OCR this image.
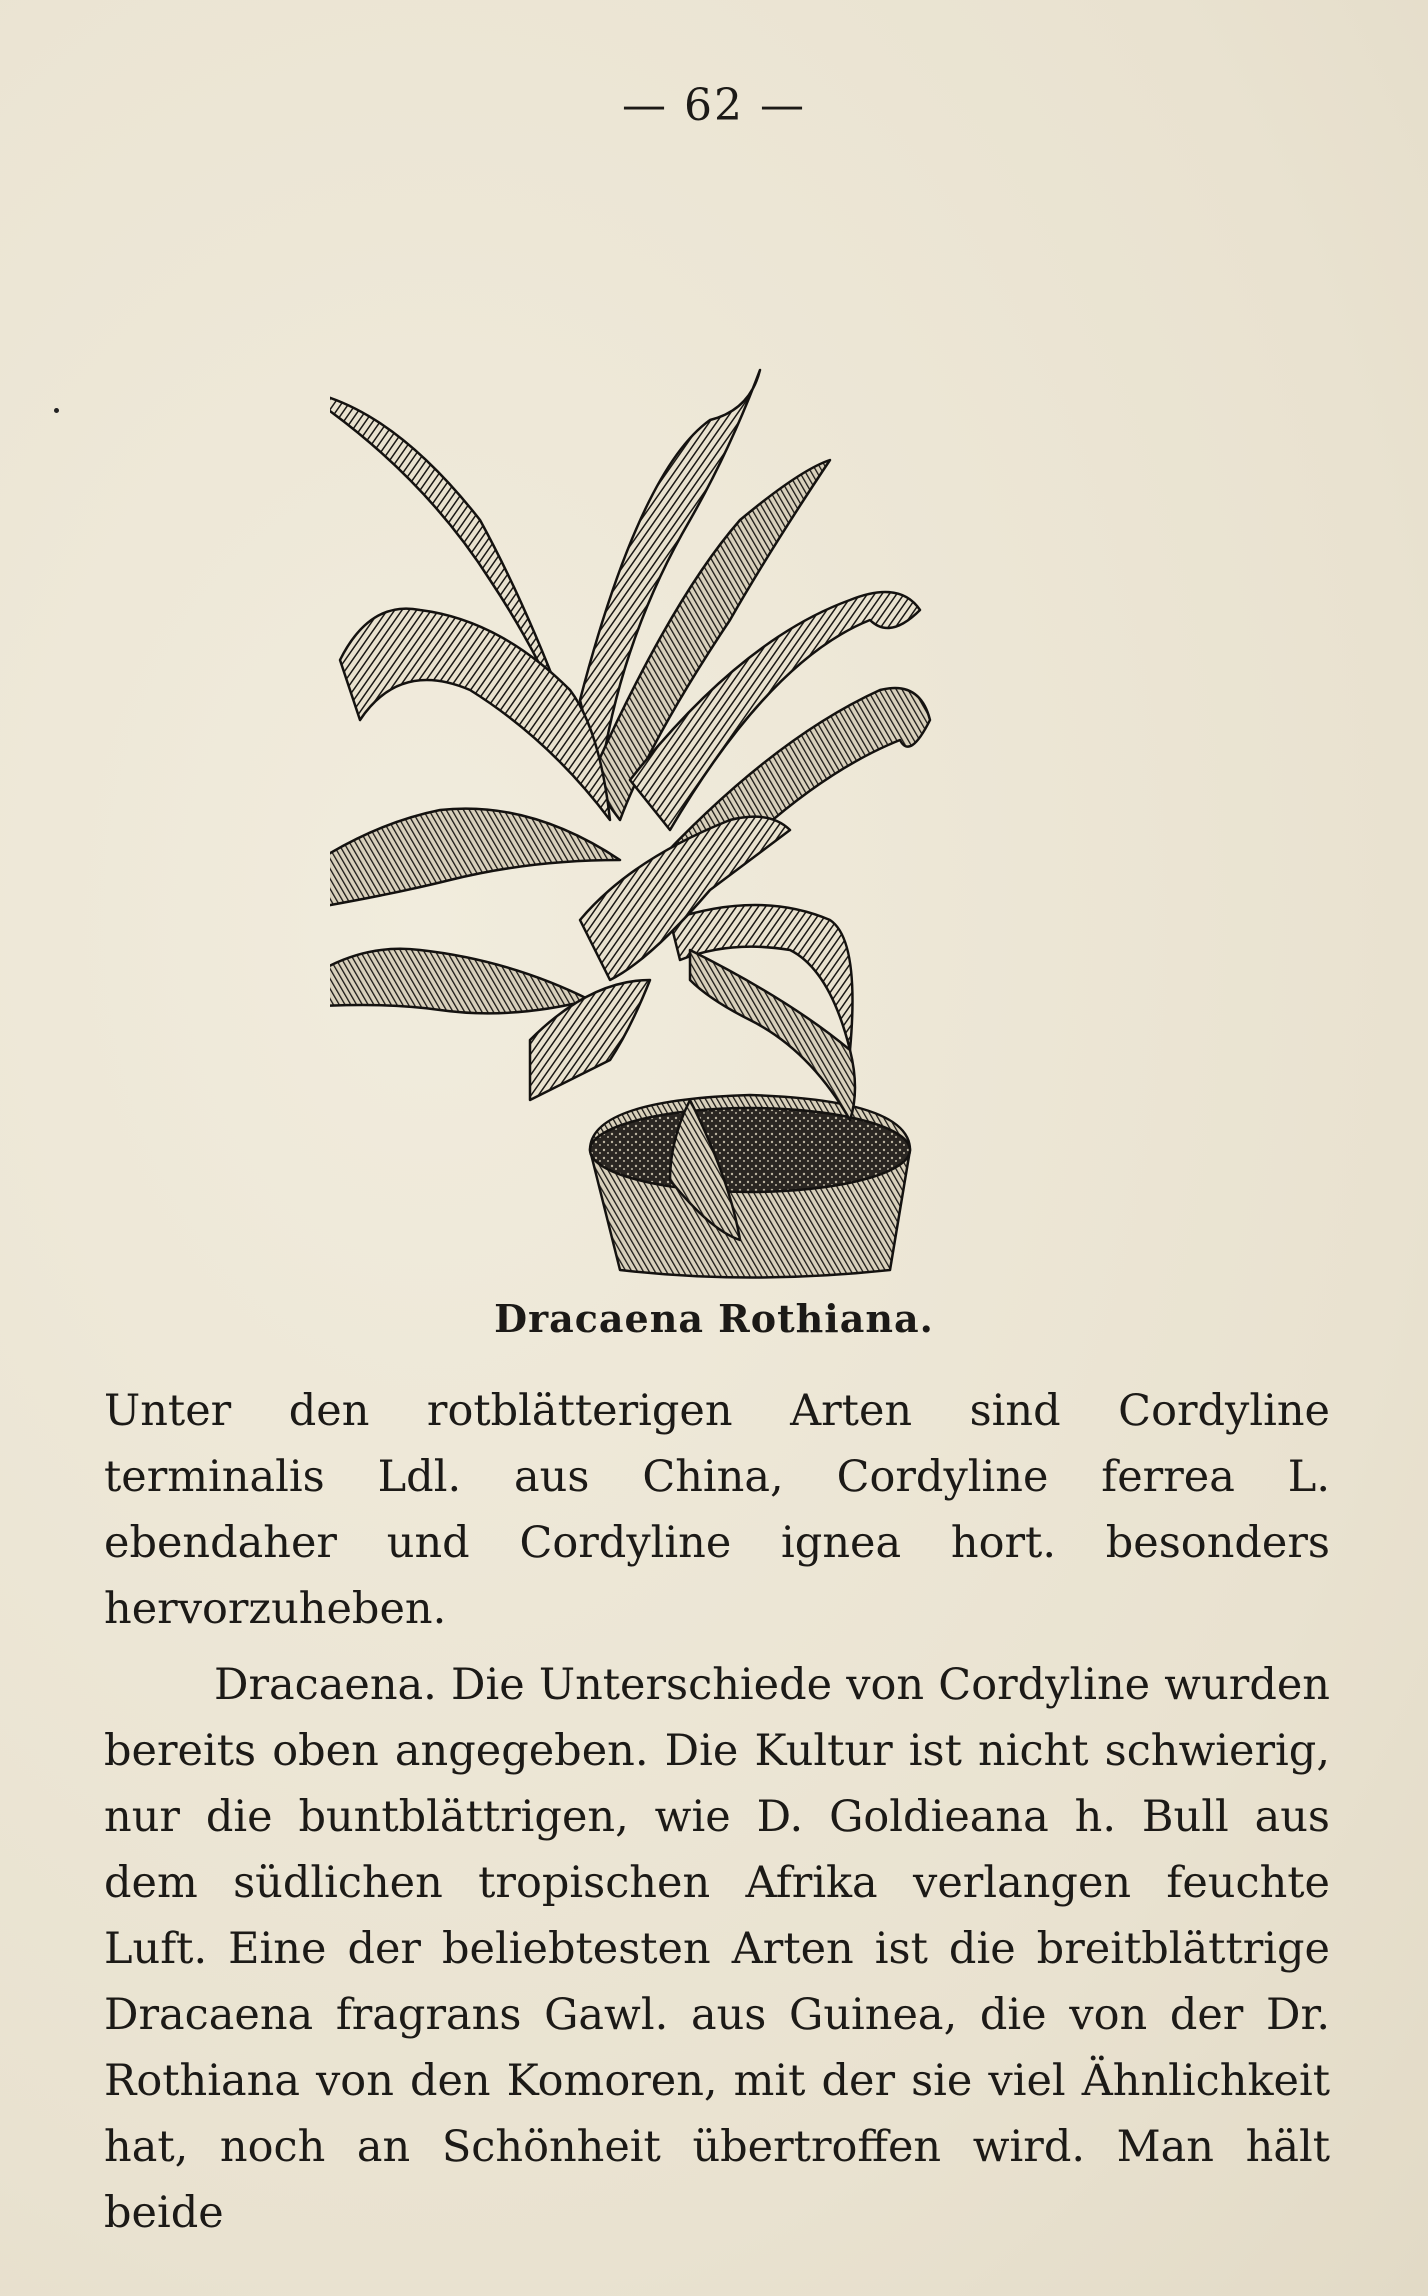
— 62 —
Dracaena Rothiana.

Unter den rotblätterigen Arten sind Cordyline terminalis Ldl. aus China, Cordyline ferrea L. ebendaher und Cordyline ignea hort. besonders hervorzuheben.

Dracaena. Die Unterschiede von Cordyline wurden bereits oben angegeben. Die Kultur ist nicht schwierig, nur die buntblättrigen, wie D. Goldieana h. Bull aus dem südlichen tropischen Afrika verlangen feuchte Luft. Eine der beliebtesten Arten ist die breitblättrige Dracaena fragrans Gawl. aus Guinea, die von der Dr. Rothiana von den Komoren, mit der sie viel Ähnlichkeit hat, noch an Schönheit übertroffen wird. Man hält beide
